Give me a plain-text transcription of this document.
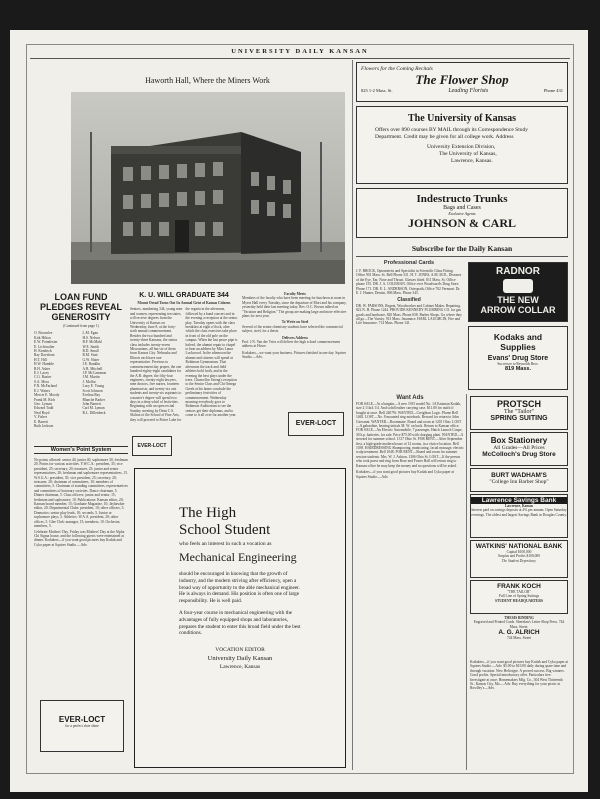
UNIVERSITY DAILY KANSAN
Haworth Hall, Where the Miners Work
LOAN FUND PLEDGES REVEAL GENEROSITY
(Continued from page 1)
O. Brownlee
Kirk Hilton
E.W. Poindexter
E. Lichtwalter
H. Kendrick
Ray Davidson
H.T. Hill
H.W. Humble
R.H. Asher
E.J. Lacey
C.G. Baxter
S.A. Moss
F.N. McFarland
E.J. Waters
Mercie E. Moody
Frank M. Rich
Geo. Lyman
Edward Todd
Neal Boyd
V. Fisher
E. Barrett
Ruth Jackson
L.M. Egan
H.S. Nelson
B.F. McMahl
W.E. Smith
R.D. Small
R.M. Stutt
G.W. Slater
J.E. Ranklin
A.B. Mitchell
J.P. McCammon
J.M. Martin
J. Moffat
Lucy E. Young
Scott Johnson
Evelina Ray
Blanche Barker
John Barnett
Carl M. Lyman
R.L. Dillenbeck
Women's Point System

No points allowed: senior 40, junior 40, sophomore 30, freshman 20. Points for various activities. Y.W.C.A.: president, 35; vice president, 25; secretary, 20; treasurer, 25; junior and senior representatives, 20; freshman and sophomore representatives, 15. W.S.G.A.: president, 35; vice president, 25; secretary, 20; treasurer, 20; chairman of committees, 10; members of committees, 5. Chairman of standing committees, representatives and committees of honorary societies. Dance chairman, 5. Dinner chairman, 5. Class officers: junior and senior, 15; freshman and sophomore, 10. Publications: Kansan editor, 20; Kansan board member, 15; Graduate Magazine, 10; Jayhawker editor, 20. Departmental Clubs: president, 10; other officers, 5. Dramatics: senior play leads, 10; seconds, 5. Junior or sophomore plays, 5. Athletics: W.A.A. president, 20; other offices, 5. Glee Club: manager, 15; members, 10. Orchestra members, 5.

Celebrate Mothers' Day. Friday was Mothers' Day at the Alpha Chi Sigma house, and the following guests were entertained at dinner. Kodakers—if you want good pictures buy Kodak and Cyko paper at Squires Studio.—Adv.

EVER-LOCT
for a perfect shoe shine
K. U. WILL GRADUATE 344
Mount Oread Turns Out Its Annual Grist of Kansas Citizens
Seniors, numbering 344, young men and women, representing ten states, will receive degrees from the University of Kansas on Wednesday, June 8, at the forty-sixth annual commencement. Besides the two hundred and twenty-three Kansans, the senior class includes twenty-seven Missourians, all but six of them from Kansas City. Nebraska and Illinois each have one representative. Previous to commencement day proper, the one hundred eighty-eight candidates for the A.B. degree, the fifty-four engineers, twenty-eight lawyers, nine doctors, five nurses, fourteen pharmacists, and twenty-six arts students and twenty-six aspirants to a master's degree will spend two days in a deep whirl of festivities. Beginning with an open recital Sunday, meeting by Dean C.S. Skilton of the School of Fine Arts, they will proceed to Potter Lake for the regatta in the afternoon, followed by a band concert and in the evening a reception at the senior play. Tuesday opens with the class breakfast at eight o'clock, after which the class exercises take place in front of the old pole on the campus. When the last peace pipe is halved, the alumni repair to chapel to hear an address by Miss Laura Lockwood. In the afternoon the alumni and citizens will spend at Robinson Gymnasium. That afternoon the track and field athletes hold forth, and in the evening the best plays under the trees. Chancellor Strong's reception to the Senior Class and Chi Omega Greek at his home conclude the preliminary festivities of commencement. Wednesday morning everybody goes to Robinson Auditorium to see the seniors get their diplomas, and to come to it all over for another year.
EVER-LOCT
Faculty Meets
Members of the faculty who have been meeting for luncheon at noon in Myers Hall every Tuesday, since the departure of Mort and his company, yesterday held their last meeting today. Rev. O.C. Brown talked on "Vacation and Religion." The group are making large and more effective plans for next year.
To Write on Steel
Several of the senior chemistry students have selected the commercial subject, steel, for a thesis.
Delivers Address
Prof. J.N. Van der Vries will deliver the high school commencement address at Howe.
Kodakers—we want your business. Pictures finished in one day. Squires Studio.—Adv.
EVER-LOCT
The High
School Student
who feels an interest in such a vocation as
Mechanical Engineering
should be encouraged in knowing that the growth of industry, and the modern striving after efficiency, open a broad way of opportunity to the able mechanical engineer. He is always in demand. His position is often one of large responsibility. He is well paid.
A four-year course in mechanical engineering with the advantages of fully equipped shops and laboratories, prepares the student to enter this broad field under the best conditions.
VOCATION EDITOR
University Daily Kansan
Lawrence, Kansas
Flowers for the Coming Recitals
The Flower Shop
825 1-2 Mass. St.	Leading Florists	Phone 431
The University of Kansas
Offers over 890 courses BY MAIL through its Correspondence Study Department. Credit may be given for all college work. Address
University Extension Division,
The University of Kansas,
Lawrence, Kansas.
Indestructo Trunks
Bags and Cases
Exclusive Agents
JOHNSON & CARL
Subscribe for the Daily Kansan
Professional Cards
J. F. BROCK, Optometrist and Specialist in Scientific Glass Fitting. Office 901 Mass. St. Bell Phone 331. H. T. JONES, A.M. M.D., Diseases of the Eye, Ear, Nose and Throat. Glasses fitted. 811 Mass. St. Office phone 155. DR. J. A. COLEMAN, Office over Woodward's Drug Store. Phone 171. DR. E. L. ANDERSON, Osteopath, Office 702 Vermont. Dr. E. J. Hunter, Dentist, 806 Mass. Phone 345.
Classified
DR. W. PARSONS, Regent, Woodworker and Cabinet Maker. Repairing. 822 N. H. Phone 1244. PROVIDE KENNEDY PLUMBING CO. for gas goods and hardware, 820 Mass. Phone 658. Barber Shops. Go where they all go—The Varsity. 913 Mass. Insurance. HARL LAUGHLIN, Fire and Life Insurance. 714 Mass. Phone 141.
RADNOR
THE NEW
ARROW COLLAR
Kodaks and
Supplies
Evans' Drug Store
Successor to Reynolds Bros.
819 Mass.
Want Ads
FOR SALE—At a bargain—A new 1915 model No. 1A Eastman Kodak, size 2 1/4x4 1/4. And solid leather carrying case. $11.00 for outfit if bought at once. Bell 2407W. WANTED—Creighton Logic. Phone Bell 1465. LOST—No. 8 mounted ring notebook. Reward for return to John Giovanni. WANTED—Roommate. Board and room at 1201 Ohio. LOST—A gabardine, bearing initials M. W. on back. Return to Kansan office. FOR SALE—An Electric Automobile, 7 passenger, Hatch Launch Coupe, 30 h.p. batteries, for sale. Price $75.00 with charging plant. WANTED—A steward for summer school. 1317 Ohio St. FOR RENT—After September first, a high-grade modern house of 12 rooms, in a choice location. Bell 1039. HAIRDRESSING Shampooing, manicuring, facial massage, electric scalp treatment. Bell 1048. FOR RENT—Board and room for summer session students. Mrs. W. J. Ashton, 1306 Ohio St. LOST—If the person who took purse and ring from Rose and Fraser Hall will return ring to Kansan office he may keep the money and no questions will be asked.
Kodakers—if you want good pictures buy Kodak and Cyko paper at Squires Studio.—Adv.
PROTSCH
The "Tailor"
SPRING SUITING
Box Stationery
All Grades—All Prices
McColloch's Drug Store
BURT WADHAM'S
"College Inn Barber Shop"
Lawrence Savings Bank
Lawrence, Kansas
Interest paid on savings deposits at 4% per annum. Open Saturday evenings. The oldest and largest Savings Bank in Douglas County.
WATKINS' NATIONAL BANK
Capital $100,000
Surplus and Profits $100,000
The Student Depository.
FRANK KOCH
"THE TAILOR"
Full Line of Spring Suitings
STUDENT HEADQUARTERS
THESIS BINDING
Engraved and Printed Cards. Sheridan's Letter Shop Press. 744 Mass. Street.
A. G. ALRICH
744 Mass. Street
Kodakers—if you want good pictures buy Kodak and Cyko paper at Squires Studio.—Adv. $5.00 to $10.00 daily during spare time and through vacation. New Heliotype. A proved success. Big winners. Good profits. Special introductory offer. Particulars free. Investigate at once. Homemakers Mfg. Co., 304 West Thirteenth St., Kansas City, Mo.—Adv. Buy everything for your picnic at Rowlley's—Adv.
